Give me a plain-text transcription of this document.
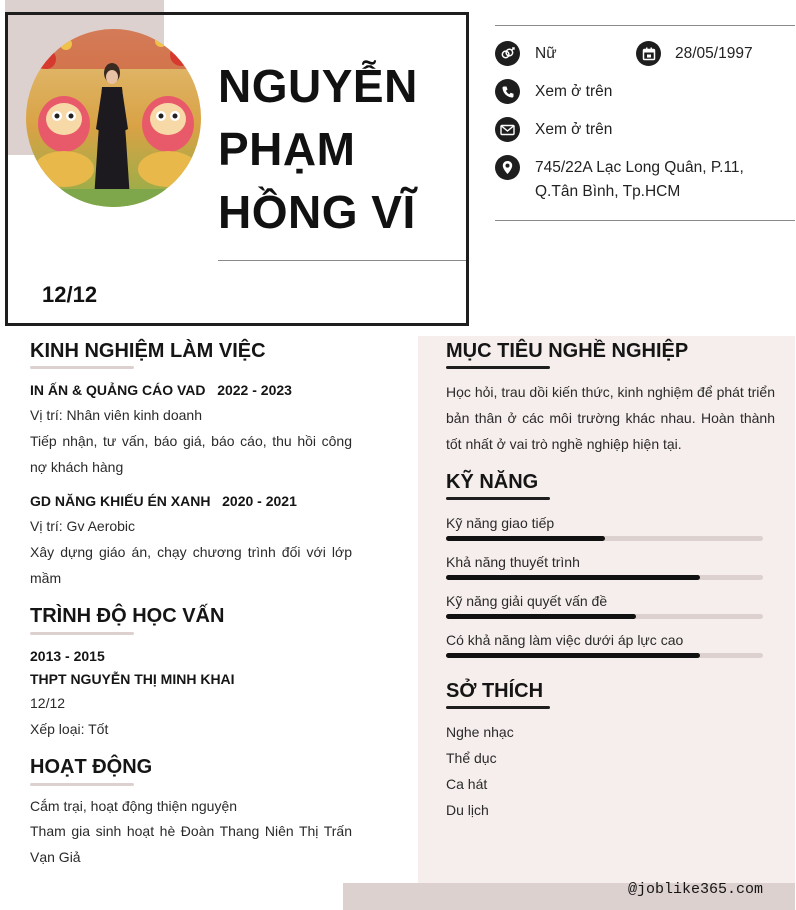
NGUYỄN
PHẠM
HỒNG VĨ
12/12
Nữ	28/05/1997
Xem ở trên
Xem ở trên
745/22A Lạc Long Quân, P.11,
Q.Tân Bình, Tp.HCM
KINH NGHIỆM LÀM VIỆC
IN ẤN & QUẢNG CÁO VAD 2022 - 2023
Vị trí: Nhân viên kinh doanh
Tiếp nhận, tư vấn, báo giá, báo cáo, thu hồi công nợ khách hàng
GD NĂNG KHIẾU ÉN XANH 2020 - 2021
Vị trí: Gv Aerobic
Xây dựng giáo án, chạy chương trình đối với lớp mầm
TRÌNH ĐỘ HỌC VẤN
2013 - 2015
THPT NGUYỄN THỊ MINH KHAI
12/12
Xếp loại: Tốt
HOẠT ĐỘNG
Cắm trại, hoạt động thiện nguyện
Tham gia sinh hoạt hè Đoàn Thang Niên Thị Trấn Vạn Giả
MỤC TIÊU NGHỀ NGHIỆP
Học hỏi, trau dồi kiến thức, kinh nghiệm để phát triển bản thân ở các môi trường khác nhau. Hoàn thành tốt nhất ở vai trò nghề nghiệp hiện tại.
KỸ NĂNG
Kỹ năng giao tiếp
Khả năng thuyết trình
Kỹ năng giải quyết vấn đề
Có khả năng làm việc dưới áp lực cao
SỞ THÍCH
Nghe nhạc
Thể dục
Ca hát
Du lịch
@joblike365.com
